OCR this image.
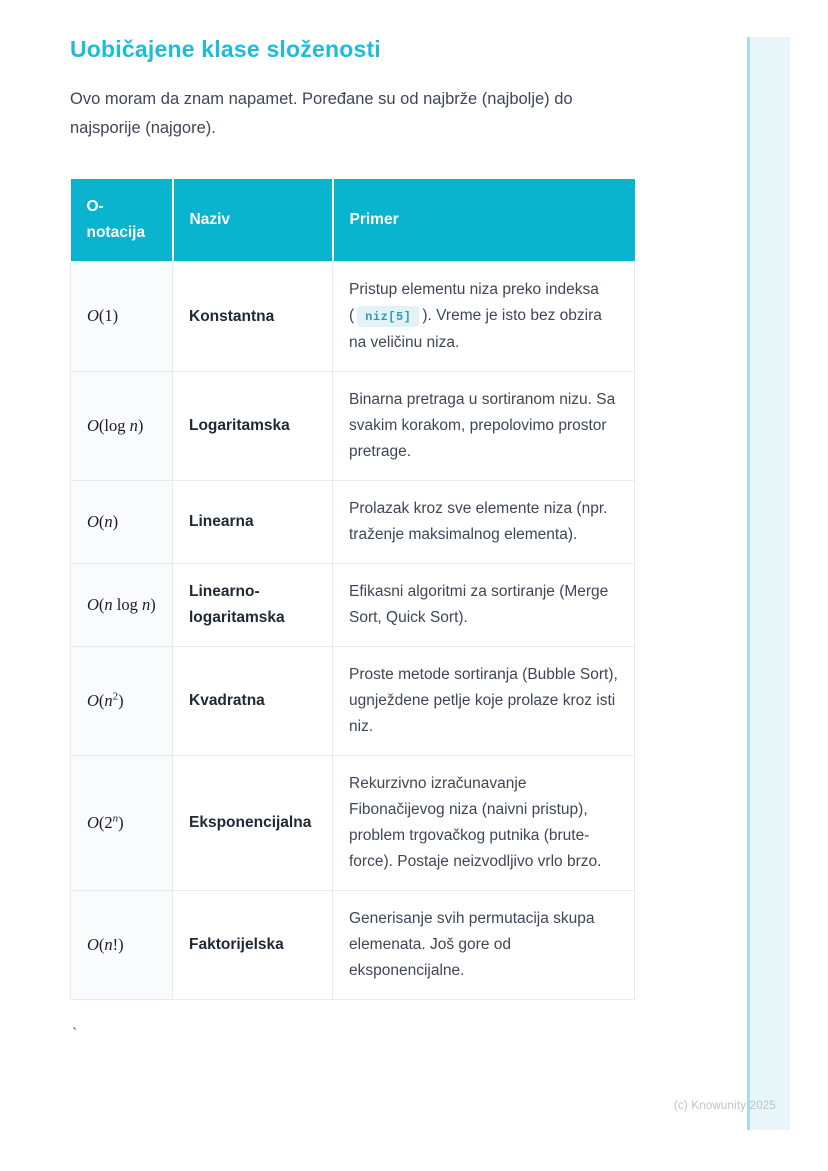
Uobičajene klase složenosti

Ovo moram da znam napamet. Poređane su od najbrže (najbolje) do najsporije (najgore).

O-notacija	Naziv	Primer
O(1)	Konstantna	Pristup elementu niza preko indeksa ( niz[5] ). Vreme je isto bez obzira na veličinu niza.
O(log n)	Logaritamska	Binarna pretraga u sortiranom nizu. Sa svakim korakom, prepolovimo prostor pretrage.
O(n)	Linearna	Prolazak kroz sve elemente niza (npr. traženje maksimalnog elementa).
O(n log n)	Linearno-logaritamska	Efikasni algoritmi za sortiranje (Merge Sort, Quick Sort).
$O(n^2)$	Kvadratna	Proste metode sortiranja (Bubble Sort), ugnježdene petlje koje prolaze kroz isti niz.
O(2$^n$)	Eksponencijalna	Rekurzivno izračunavanje Fibonačijevog niza (naivni pristup), problem trgovačkog putnika (brute-force). Postaje neizvodljivo vrlo brzo.
O(n!)	Faktorijelska	Generisanje svih permutacija skupa elemenata. Još gore od eksponencijalne.
`
(c) Knowunity 2025
